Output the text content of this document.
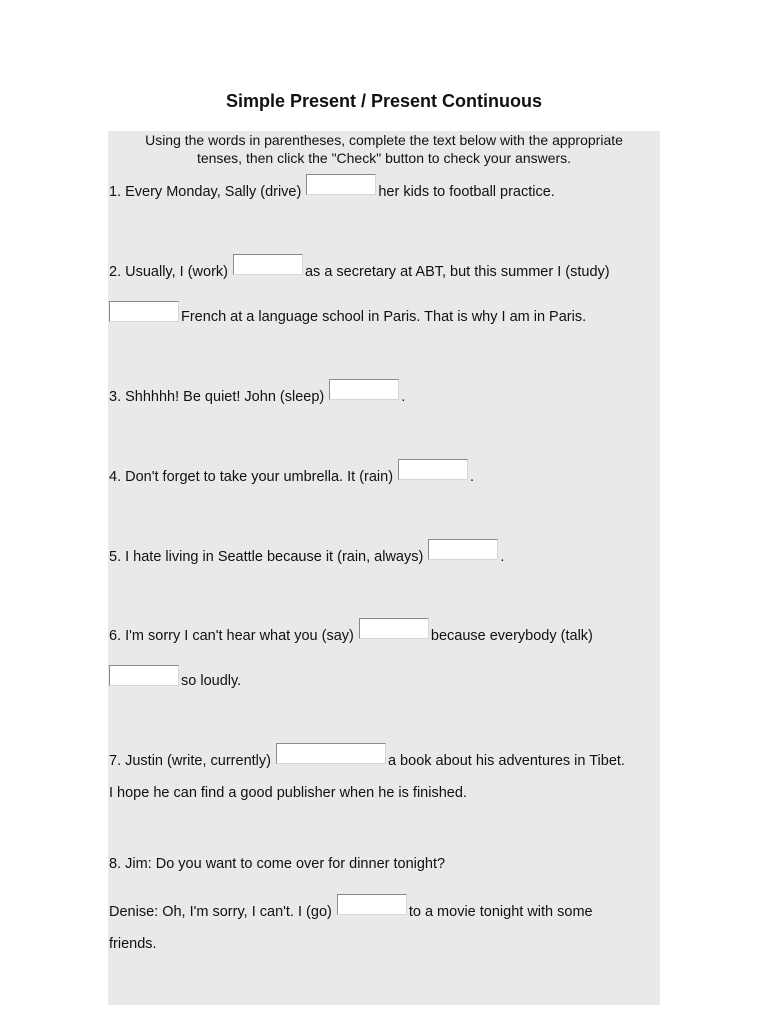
Simple Present / Present Continuous
Using the words in parentheses, complete the text below with the appropriate
tenses, then click the "Check" button to check your answers.
1. Every Monday, Sally (drive)	her kids to football practice.
2. Usually, I (work)	as a secretary at ABT, but this summer I (study)
French at a language school in Paris. That is why I am in Paris.
3. Shhhhh! Be quiet! John (sleep)	.
4. Don't forget to take your umbrella. It (rain)	.
5. I hate living in Seattle because it (rain, always)	.
6. I'm sorry I can't hear what you (say)	because everybody (talk)
so loudly.
7. Justin (write, currently)	a book about his adventures in Tibet.
I hope he can find a good publisher when he is finished.
8. Jim: Do you want to come over for dinner tonight?
Denise: Oh, I'm sorry, I can't. I (go)	to a movie tonight with some
friends.
